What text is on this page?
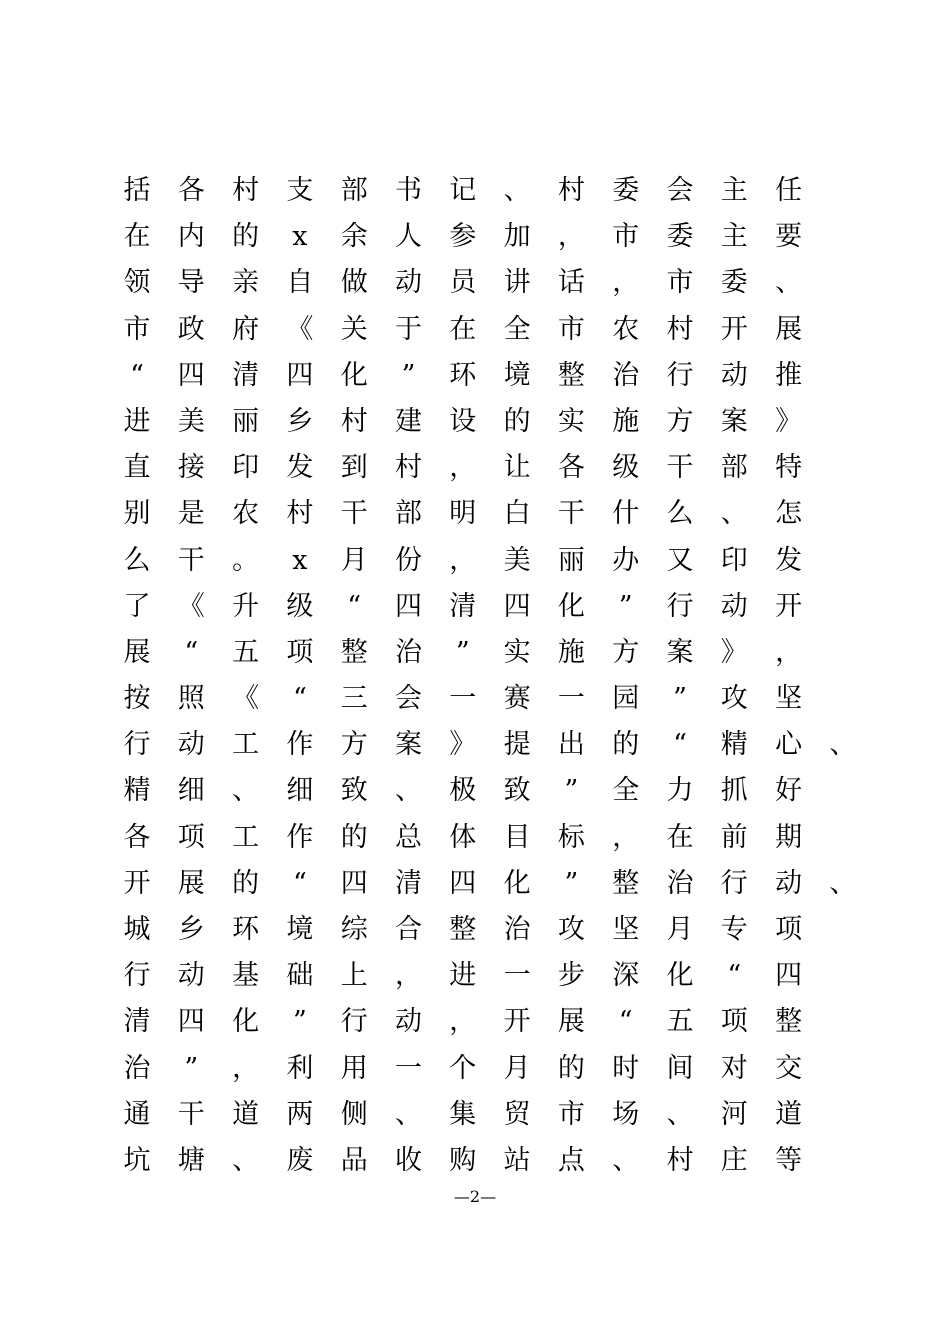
括 各 村 支 部 书 记 、 村 委 会 主 任
在 内 的 x 余 人 参 加 ， 市 委 主 要
领 导 亲 自 做 动 员 讲 话 ， 市 委 、
市 政 府 《 关 于 在 全 市 农 村 开 展
“ 四 清 四 化 ” 环 境 整 治 行 动 推
进 美 丽 乡 村 建 设 的 实 施 方 案 》
直 接 印 发 到 村 ， 让 各 级 干 部 特
别 是 农 村 干 部 明 白 干 什 么 、 怎
么 干 。 x 月 份 ， 美 丽 办 又 印 发
了 《 升 级 “ 四 清 四 化 ” 行 动 开
展 “ 五 项 整 治 ” 实 施 方 案 》 ，
按 照 《 “ 三 会 一 赛 一 园 ” 攻 坚
行 动 工 作 方 案 》 提 出 的 “ 精 心 、
精 细 、 细 致 、 极 致 ” 全 力 抓 好
各 项 工 作 的 总 体 目 标 ， 在 前 期
开 展 的 “ 四 清 四 化 ” 整 治 行 动 、
城 乡 环 境 综 合 整 治 攻 坚 月 专 项
行 动 基 础 上 ， 进 一 步 深 化 “ 四
清 四 化 ” 行 动 ， 开 展 “ 五 项 整
治 ” ， 利 用 一 个 月 的 时 间 对 交
通 干 道 两 侧 、 集 贸 市 场 、 河 道
坑 塘 、 废 品 收 购 站 点 、 村 庄 等
—2—
